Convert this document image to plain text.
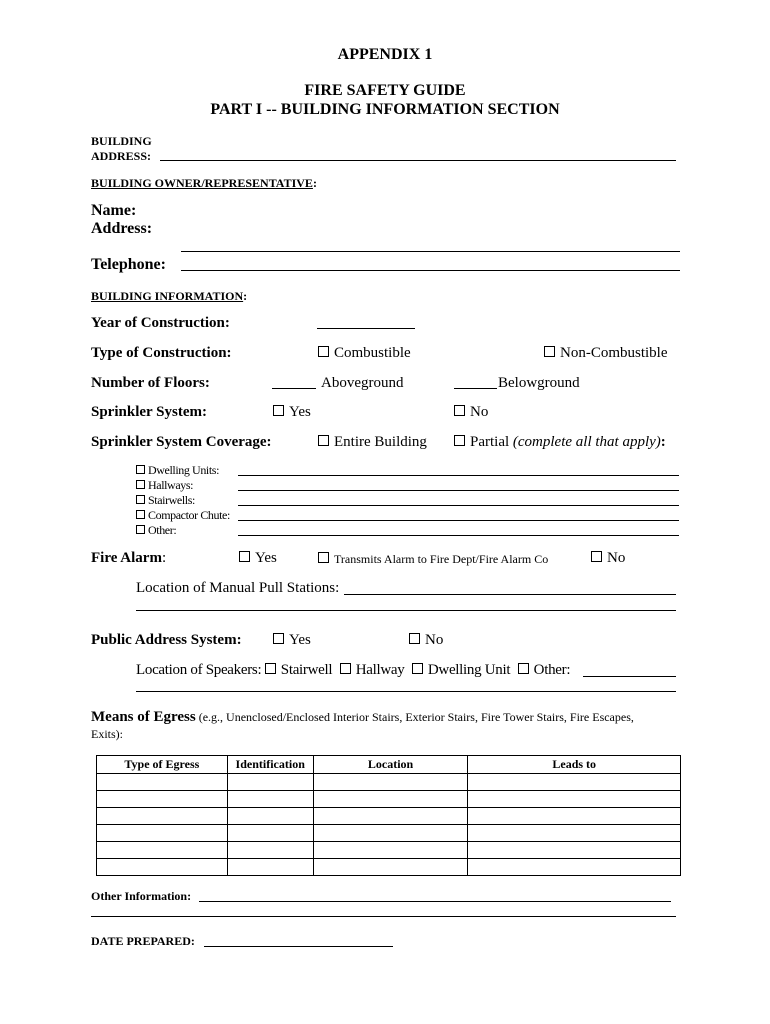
APPENDIX 1
FIRE SAFETY GUIDE
PART I -- BUILDING INFORMATION SECTION
BUILDING
ADDRESS:
BUILDING OWNER/REPRESENTATIVE:
Name:
Address:
Telephone:
BUILDING INFORMATION:
Year of Construction:
Type of Construction:	Combustible	Non-Combustible
Number of Floors:	Aboveground	Belowground
Sprinkler System:	Yes	No
Sprinkler System Coverage:	Entire Building	Partial (complete all that apply):
Dwelling Units:
Hallways:
Stairwells:
Compactor Chute:
Other:
Fire Alarm:	Yes	Transmits Alarm to Fire Dept/Fire Alarm Co	No
Location of Manual Pull Stations:
Public Address System:	Yes	No
Location of Speakers: Stairwell Hallway Dwelling Unit Other:
Means of Egress (e.g., Unenclosed/Enclosed Interior Stairs, Exterior Stairs, Fire Tower Stairs, Fire Escapes,
Exits):
Type of Egress	Identification	Location	Leads to

Other Information:
DATE PREPARED:
